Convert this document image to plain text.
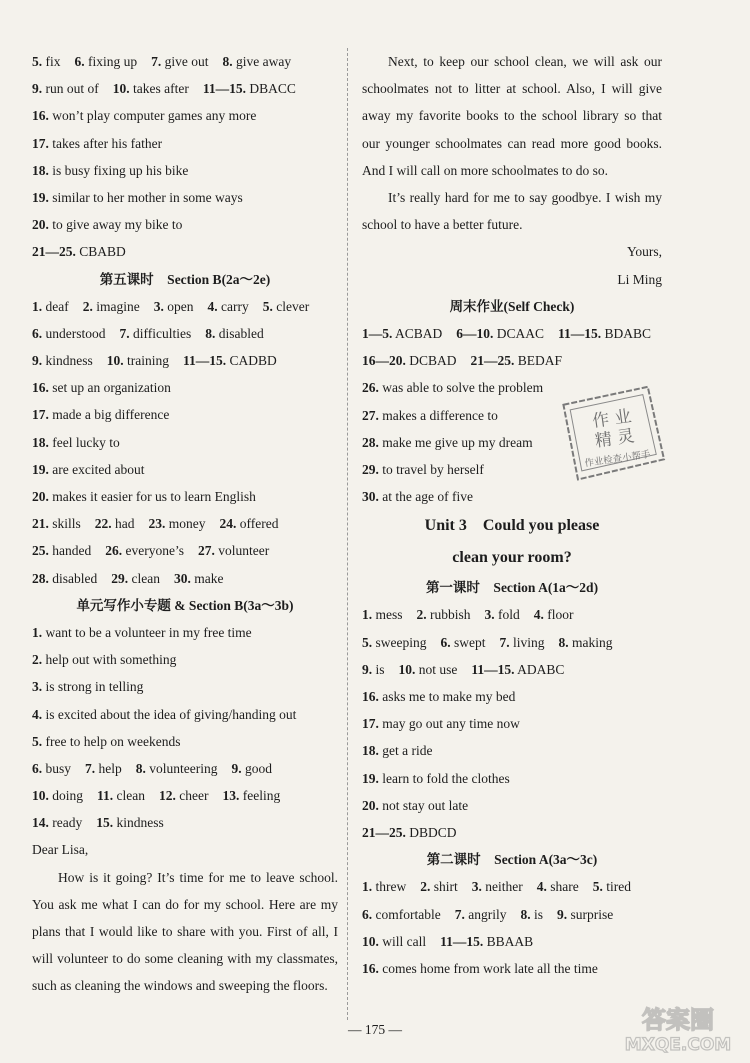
5. fix 6. fixing up 7. give out 8. give away
9. run out of 10. takes after 11—15. DBACC
16. won’t play computer games any more
17. takes after his father
18. is busy fixing up his bike
19. similar to her mother in some ways
20. to give away my bike to
21—25. CBABD
第五课时　Section B(2a～2e)
1. deaf 2. imagine 3. open 4. carry 5. clever
6. understood 7. difficulties 8. disabled
9. kindness 10. training 11—15. CADBD
16. set up an organization
17. made a big difference
18. feel lucky to
19. are excited about
20. makes it easier for us to learn English
21. skills 22. had 23. money 24. offered
25. handed 26. everyone’s 27. volunteer
28. disabled 29. clean 30. make
单元写作小专题 & Section B(3a～3b)
1. want to be a volunteer in my free time
2. help out with something
3. is strong in telling
4. is excited about the idea of giving/handing out
5. free to help on weekends
6. busy 7. help 8. volunteering 9. good
10. doing 11. clean 12. cheer 13. feeling
14. ready 15. kindness
Dear Lisa,

How is it going? It’s time for me to leave school. You ask me what I can do for my school. Here are my plans that I would like to share with you. First of all, I will volunteer to do some cleaning with my classmates, such as cleaning the windows and sweeping the floors.

Next, to keep our school clean, we will ask our schoolmates not to litter at school. Also, I will give away my favorite books to the school library so that our younger schoolmates can read more good books. And I will call on more schoolmates to do so.

It’s really hard for me to say goodbye. I wish my school to have a better future.

Yours,
Li Ming
周末作业(Self Check)
1—5. ACBAD 6—10. DCAAC 11—15. BDABC
16—20. DCBAD 21—25. BEDAF
26. was able to solve the problem
27. makes a difference to
28. make me give up my dream
29. to travel by herself
30. at the age of five
Unit 3　Could you please
clean your room?
第一课时　Section A(1a～2d)
1. mess 2. rubbish 3. fold 4. floor
5. sweeping 6. swept 7. living 8. making
9. is 10. not use 11—15. ADABC
16. asks me to make my bed
17. may go out any time now
18. get a ride
19. learn to fold the clothes
20. not stay out late
21—25. DBDCD
第二课时　Section A(3a～3c)
1. threw 2. shirt 3. neither 4. share 5. tired
6. comfortable 7. angrily 8. is 9. surprise
10. will call 11—15. BBAAB
16. comes home from work late all the time
作 业
精 灵
作业检查小帮手
— 175 —	答案圈
MXQE.COM
